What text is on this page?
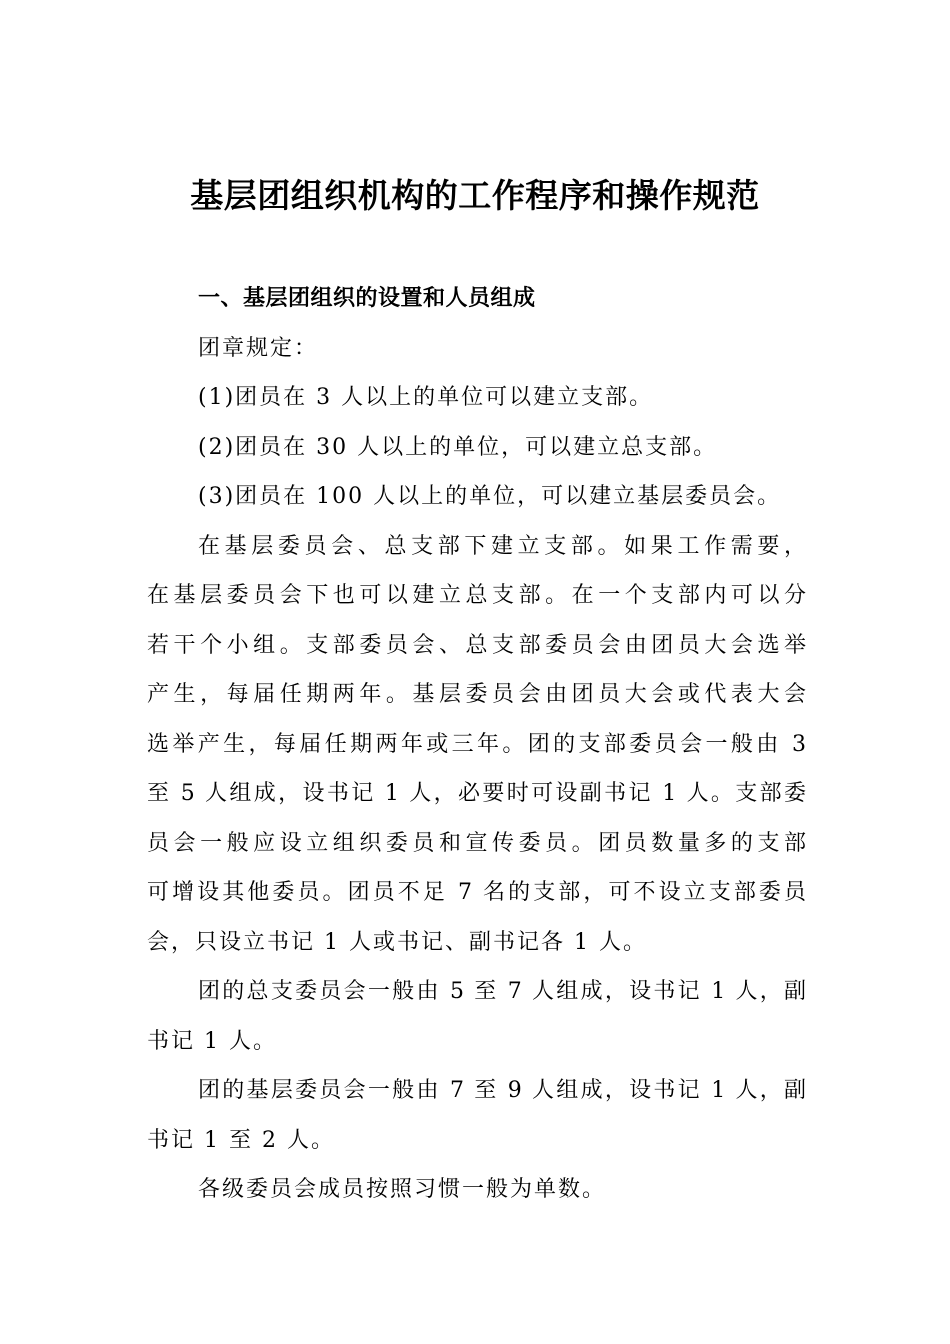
基层团组织机构的工作程序和操作规范

一、基层团组织的设置和人员组成

团章规定：

(1)团员在 3 人以上的单位可以建立支部。

(2)团员在 30 人以上的单位，可以建立总支部。

(3)团员在 100 人以上的单位，可以建立基层委员会。

在基层委员会、总支部下建立支部。如果工作需要，

在基层委员会下也可以建立总支部。在一个支部内可以分

若干个小组。支部委员会、总支部委员会由团员大会选举

产生，每届任期两年。基层委员会由团员大会或代表大会

选举产生，每届任期两年或三年。团的支部委员会一般由 3

至 5 人组成，设书记 1 人，必要时可设副书记 1 人。支部委

员会一般应设立组织委员和宣传委员。团员数量多的支部

可增设其他委员。团员不足 7 名的支部，可不设立支部委员

会，只设立书记 1 人或书记、副书记各 1 人。

团的总支委员会一般由 5 至 7 人组成，设书记 1 人，副

书记 1 人。

团的基层委员会一般由 7 至 9 人组成，设书记 1 人，副

书记 1 至 2 人。

各级委员会成员按照习惯一般为单数。
